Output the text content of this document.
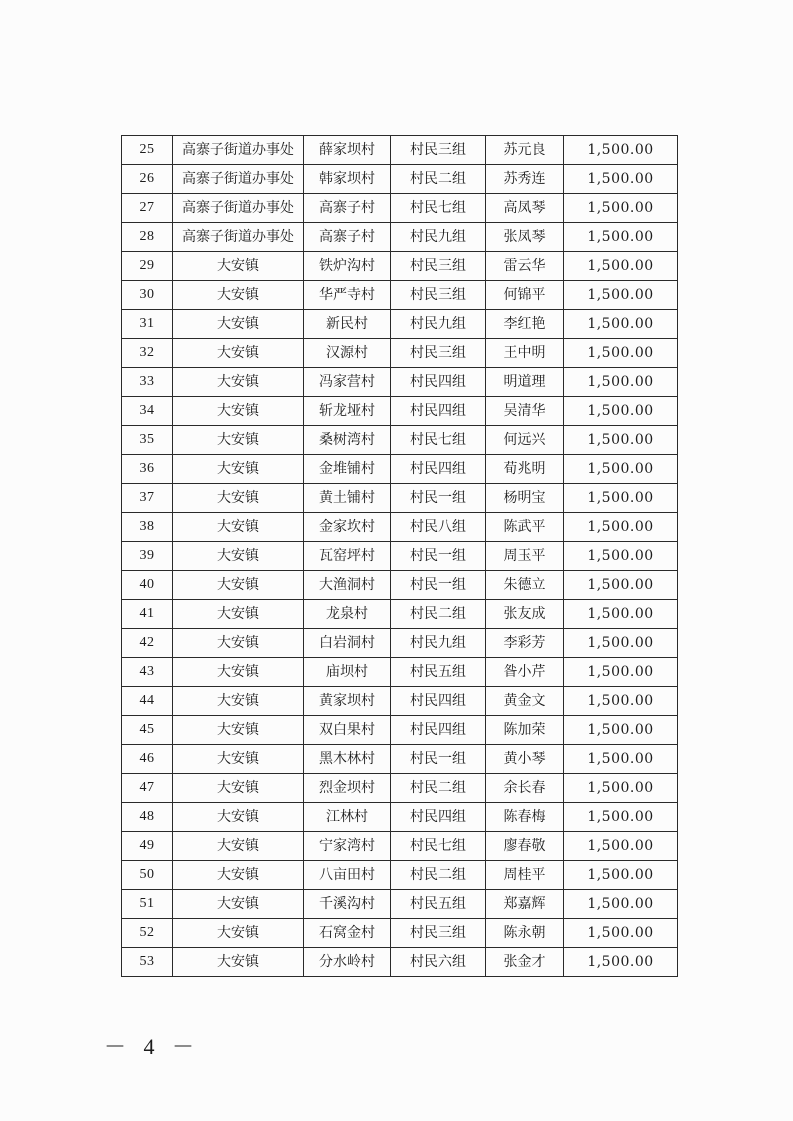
25	高寨子街道办事处	薛家坝村	村民三组	苏元良	1,500.00
26	高寨子街道办事处	韩家坝村	村民二组	苏秀连	1,500.00
27	高寨子街道办事处	高寨子村	村民七组	高凤琴	1,500.00
28	高寨子街道办事处	高寨子村	村民九组	张凤琴	1,500.00
29	大安镇	铁炉沟村	村民三组	雷云华	1,500.00
30	大安镇	华严寺村	村民三组	何锦平	1,500.00
31	大安镇	新民村	村民九组	李红艳	1,500.00
32	大安镇	汉源村	村民三组	王中明	1,500.00
33	大安镇	冯家营村	村民四组	明道理	1,500.00
34	大安镇	斩龙垭村	村民四组	吴清华	1,500.00
35	大安镇	桑树湾村	村民七组	何远兴	1,500.00
36	大安镇	金堆铺村	村民四组	荀兆明	1,500.00
37	大安镇	黄土铺村	村民一组	杨明宝	1,500.00
38	大安镇	金家坎村	村民八组	陈武平	1,500.00
39	大安镇	瓦窑坪村	村民一组	周玉平	1,500.00
40	大安镇	大渔洞村	村民一组	朱德立	1,500.00
41	大安镇	龙泉村	村民二组	张友成	1,500.00
42	大安镇	白岩洞村	村民九组	李彩芳	1,500.00
43	大安镇	庙坝村	村民五组	昝小芹	1,500.00
44	大安镇	黄家坝村	村民四组	黄金文	1,500.00
45	大安镇	双白果村	村民四组	陈加荣	1,500.00
46	大安镇	黑木林村	村民一组	黄小琴	1,500.00
47	大安镇	烈金坝村	村民二组	余长春	1,500.00
48	大安镇	江林村	村民四组	陈春梅	1,500.00
49	大安镇	宁家湾村	村民七组	廖春敬	1,500.00
50	大安镇	八亩田村	村民二组	周桂平	1,500.00
51	大安镇	千溪沟村	村民五组	郑嘉辉	1,500.00
52	大安镇	石窝金村	村民三组	陈永朝	1,500.00
53	大安镇	分水岭村	村民六组	张金才	1,500.00
－ 4 －
